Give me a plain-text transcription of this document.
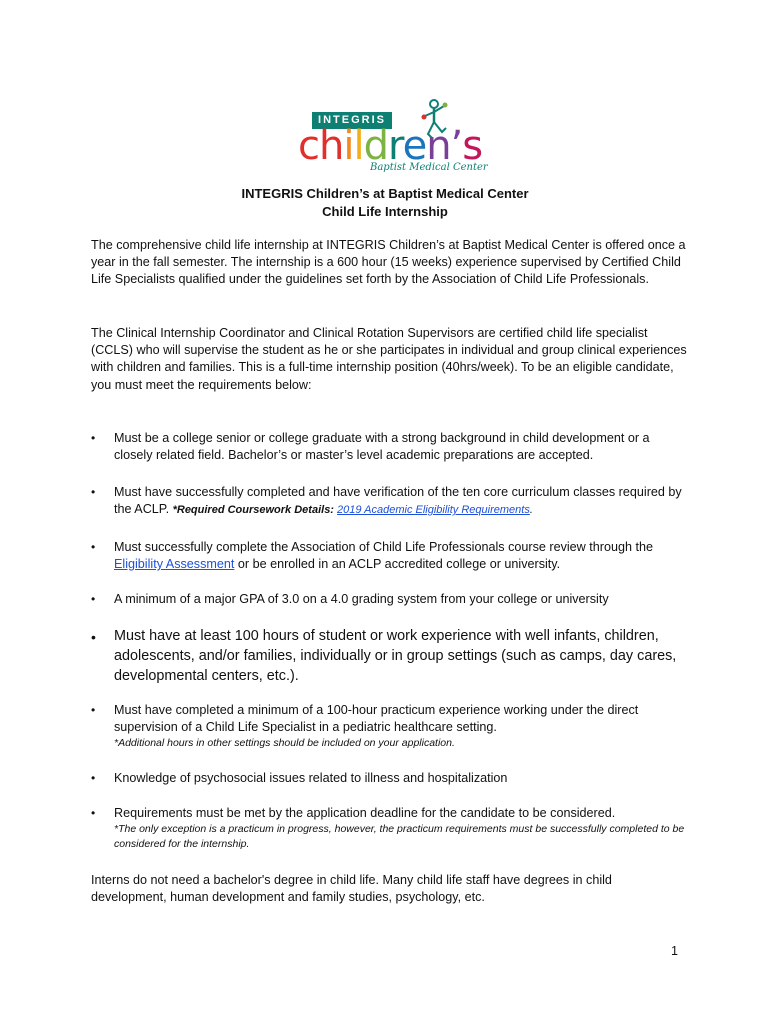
INTEGRIS
children’s
Baptist Medical Center
INTEGRIS Children’s at Baptist Medical Center
Child Life Internship
The comprehensive child life internship at INTEGRIS Children’s at Baptist Medical Center is offered once a year in the fall semester. The internship is a 600 hour (15 weeks) experience supervised by Certified Child Life Specialists qualified under the guidelines set forth by the Association of Child Life Professionals.
The Clinical Internship Coordinator and Clinical Rotation Supervisors are certified child life specialist (CCLS) who will supervise the student as he or she participates in individual and group clinical experiences with children and families. This is a full-time internship position (40hrs/week). To be an eligible candidate, you must meet the requirements below:
• Must be a college senior or college graduate with a strong background in child development or a closely related field. Bachelor’s or master’s level academic preparations are accepted.
• Must have successfully completed and have verification of the ten core curriculum classes required by the ACLP. *Required Coursework Details: 2019 Academic Eligibility Requirements.
• Must successfully complete the Association of Child Life Professionals course review through the Eligibility Assessment or be enrolled in an ACLP accredited college or university.
• A minimum of a major GPA of 3.0 on a 4.0 grading system from your college or university
• Must have at least 100 hours of student or work experience with well infants, children, adolescents, and/or families, individually or in group settings (such as camps, day cares, developmental centers, etc.).
• Must have completed a minimum of a 100-hour practicum experience working under the direct supervision of a Child Life Specialist in a pediatric healthcare setting.
*Additional hours in other settings should be included on your application.
• Knowledge of psychosocial issues related to illness and hospitalization
• Requirements must be met by the application deadline for the candidate to be considered.
*The only exception is a practicum in progress, however, the practicum requirements must be successfully completed to be considered for the internship.
Interns do not need a bachelor's degree in child life. Many child life staff have degrees in child development, human development and family studies, psychology, etc.
1
